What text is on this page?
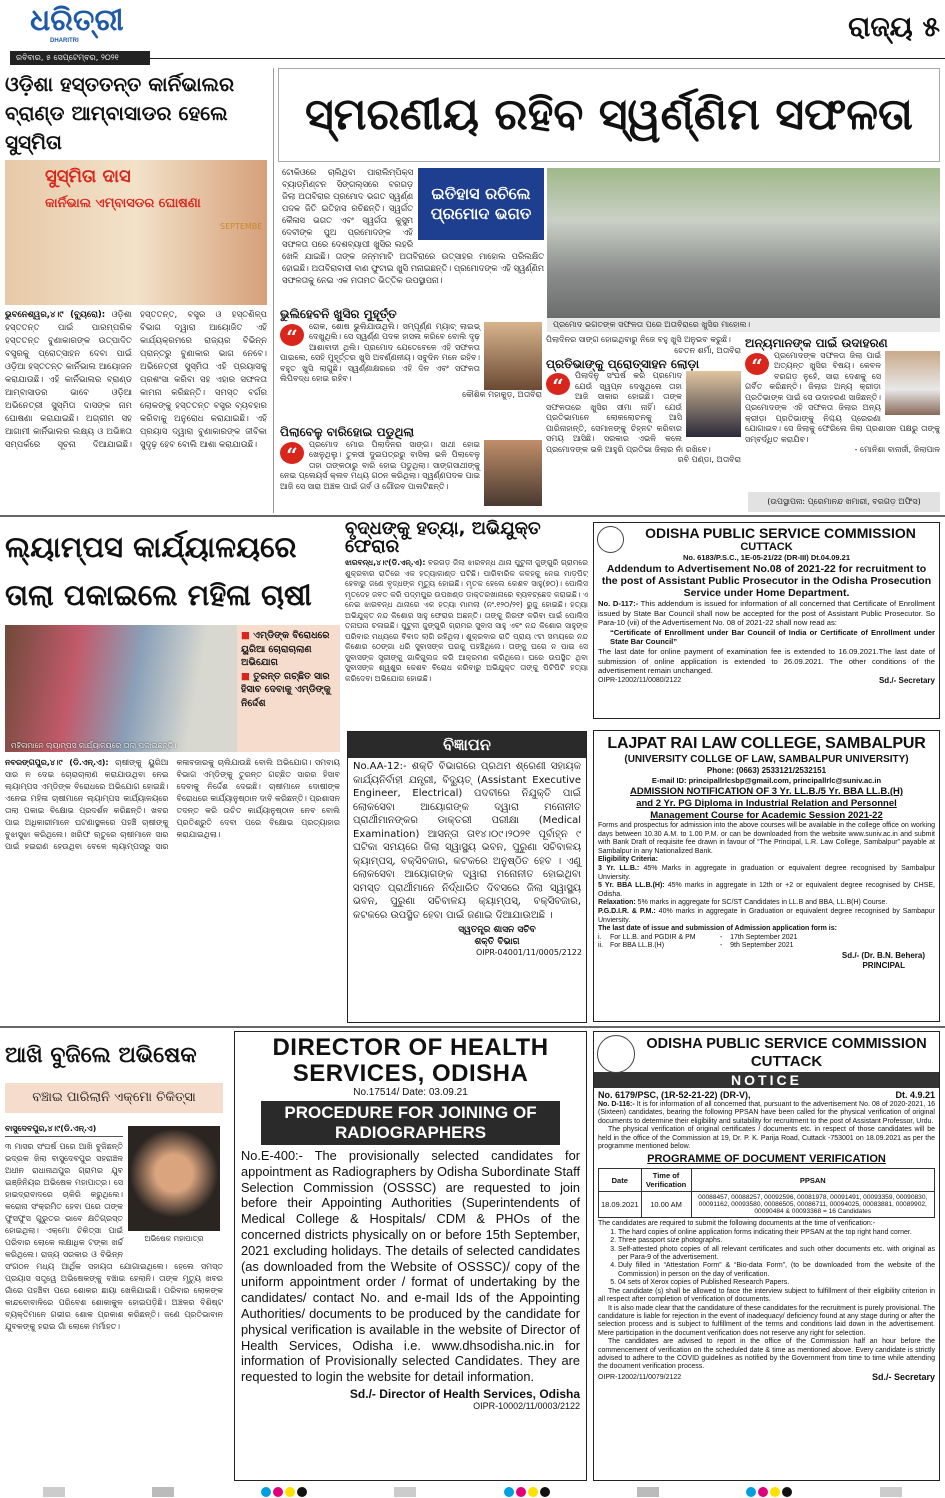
ଧରିତ୍ରୀ
DHARITRI
ରବିବାର, ୫ ସେପ୍ଟେମ୍ବର, ୨୦୨୧
ରାଜ୍ୟ ୫
ଓଡ଼ିଶା ହସ୍ତତନ୍ତ କାର୍ନିଭାଲର ବ୍ରାଣ୍ଡ ଆମ୍ବାସାଡର ହେଲେ ସୁସ୍ମିତା
ସୁସ୍ମିତା ଦାସ
କାର୍ନିଭାଲ ଏମ୍ବାସଡର ଘୋଷଣା
SEPTEMBE
ଭୁବନେଶ୍ୱର,୪।୯ (ବ୍ୟୁରୋ): ଓଡ଼ିଶା ହସ୍ତତନ୍ତ ପାଇଁ ପାରମ୍ପରିକ ହସ୍ତତନ୍ତ ବୁଣାକାରଙ୍କ ଉତ୍ପାଦିତ ବସ୍ତ୍ରକୁ ପ୍ରୋତ୍ସାହନ ଦେବା ପାଇଁ ଓଡ଼ିଆ ହସ୍ତତନ୍ତ କାର୍ନିଭାଲ ଆୟୋଜନ କରାଯାଉଛି। ଏହି କାର୍ନିଭାଲର ବ୍ରାଣ୍ଡ ଆମ୍ବାସାଡର ଭାବେ ଓଡ଼ିଆ ଅଭିନେତ୍ରୀ ସୁସ୍ମିତା ଦାସଙ୍କ ନାମ ଘୋଷଣା କରାଯାଇଛି। ଅଗ୍ରୀମ ସହ ଆଗାମୀ କାର୍ନିଭାଲର ଲକ୍ଷ୍ୟ ଓ ଅଭିଜ୍ଞତା ସମ୍ପର୍କରେ ସୂଚନା ଦିଆଯାଇଛି। ହସ୍ତତନ୍ତ, ବସ୍ତ୍ର ଓ ହସ୍ତଶିଳ୍ପ ବିଭାଗ ଦ୍ୱାରା ଆୟୋଜିତ ଏହି କାର୍ଯ୍ୟକ୍ରମରେ ରାଜ୍ୟର ବିଭିନ୍ନ ପ୍ରାନ୍ତରୁ ବୁଣାକାର ଭାଗ ନେବେ। ଅଭିନେତ୍ରୀ ସୁସ୍ମିତା ଏହି ପ୍ରୟାସକୁ ପ୍ରଶଂସା କରିବା ସହ ଏହାର ସଫଳତା କାମନା କରିଛନ୍ତି। ସମସ୍ତ ବର୍ଗର ଲୋକଙ୍କୁ ହସ୍ତତନ୍ତ ବସ୍ତ୍ର ବ୍ୟବହାର କରିବାକୁ ଅନୁରୋଧ କରାଯାଇଛି। ଏହି ପ୍ରୟାସ ଦ୍ୱାରା ବୁଣାକାରଙ୍କ ଜୀବିକା ସୁଦୃଢ଼ ହେବ ବୋଲି ଆଶା କରାଯାଉଛି।
ସ୍ମରଣୀୟ ରହିବ ସ୍ୱର୍ଣ୍ଣିମ ସଫଳତା
ଇତିହାସ ରଚିଲେ ପ୍ରମୋଦ ଭଗତ
ଟୋକିଓରେ ଚାଲିଥିବା ପାରାଲିମ୍ପିକ୍ସ ବ୍ୟାଡ୍‌ମିଣ୍ଟନ ସିଙ୍ଗଲ୍ସରେ ବରଗଡ଼ ଜିଲା ଅତାବିରାର ପ୍ରମୋଦ ଭଗତ ସ୍ୱର୍ଣ୍ଣ ପଦକ ଜିତି ଇତିହାସ ରଚିଛନ୍ତି। ସ୍ୱର୍ଗତ କୈଳାସ ଭଗତ ଏବଂ ସ୍ୱର୍ଗତା କୁସୁମ ଦେବୀଙ୍କ ପୁଅ ପ୍ରମୋଦଙ୍କ ଏହି ସଫଳତା ପରେ ଦେଶବ୍ୟାପୀ ଖୁସିର ଲହରି ଖେଳି ଯାଇଛି। ତାଙ୍କ ଜନ୍ମମାଟି ଅତାବିରାରେ ଉତ୍ସାହର ମାହୋଲ ପରିଲକ୍ଷିତ ହୋଇଛି। ଅତାବିରାବାସୀ ବାଣ ଫୁଟାଇ ଖୁସି ମନାଇଛନ୍ତି। ପ୍ରମୋଦଙ୍କ ଏହି ସ୍ୱର୍ଣ୍ଣିମ ସଫଳତାକୁ ନେଇ ଏକ ମତାମତ ଭିତ୍ତିକ ଉପସ୍ଥାପନା।
ପ୍ରମୋଦ ଭଗତଙ୍କ ସଫଳତା ପରେ ଅତାବିରାରେ ଖୁସିର ମାହୋଲ।
ଭୁଲିହେବନି ଖୁସିର ମୁହୂର୍ତ୍ତ
“	ରୋକ, ଶୋଷ ଭୁଲିଯାଉଥିଲି। ସମ୍ପୂର୍ଣ୍ଣ ମ୍ୟାଚ୍ ଲାଇଭ୍ ଦେଖୁଥିଲି। ସେ ସ୍ୱର୍ଣ୍ଣ ପଦକ ହାସଲ କରିବେ ବୋଲି ଦୃଢ଼ ଆଶାବାଦୀ ଥିଲି। ପ୍ରମୋଦ ଯେତେବେଳେ ଏହି ସଫଳତା ପାଇଲେ, ସେହି ମୁହୂର୍ତ୍ତର ଖୁସି ଅବର୍ଣ୍ଣନୀୟ। ସବୁଦିନ ମନେ ରହିବ। ବହୁତ ଖୁସି ଲାଗୁଛି। ସ୍ୱର୍ଣ୍ଣାକ୍ଷରରେ ଏହି ଦିନ ଏବଂ ସଫଳତା ଲିପିବଦ୍ଧ ହୋଇ ରହିବ।
କୌଶିକ ମହାକୁଡ଼, ଅତାବିରା
ପିଲାବେଳୁ ବାରିହୋଇ ପଡୁଥିଲା
“	ପ୍ରମୋଦ ମୋର ପିଲାଦିନର ସାଙ୍ଗ। ସାଥୀ ହୋଇ ଖେଳୁଥିଲୁ। ତୁଳସୀ ଦୁଇପତ୍ରରୁ ବାସିଲା ଭଳି ପିଲାବେଳୁ ତାହା ତାଙ୍କଠାରୁ ବାରି ହୋଇ ପଡୁଥିଲା। ସାଙ୍ଗସାଥୀଙ୍କୁ ନେଇ ପ୍ଲେୟର୍ସ କ୍ଲବ ମଧ୍ୟ ଗଠନ କରିଥିଲା। ସ୍ୱର୍ଣ୍ଣପଦକ ପାଇ ଆଜି ସେ ସାରା ଅଞ୍ଚଳ ପାଇଁ ଗର୍ବ ଓ ଗୌରବ ପାଲଟିଛନ୍ତି।
ପିଲାଦିନର ସାଙ୍ଗ ହୋଇଥିବାରୁ ନିଜେ ବହୁ ଖୁସି ଅନୁଭବ କରୁଛି।
ଚେତନ ଶର୍ମା, ଅତାବିରା
ପ୍ରତିଭାଙ୍କୁ ପ୍ରୋତ୍ସାହନ ଲୋଡ଼ା
“	ପିଲାଦିନୁ ସଂଘର୍ଷ କରି ପ୍ରମୋଦ ଯେଉଁ ସ୍ୱପ୍ନ ଦେଖୁଥିଲେ ତାହା ଆଜି ସାକାର ହୋଇଛି। ତାଙ୍କ ସଫଳତାରେ ଖୁସିର ସୀମା ନାହିଁ। ଯେଉଁ ପ୍ରତିଭାମାନେ ଲୋକଲୋଚନକୁ ଆସି ପାରିନାହାନ୍ତି, ସେମାନଙ୍କୁ ଚିହ୍ନଟ କରିବାର ସମୟ ଆସିଛି। ସରକାର ଏଭଳି କଲେ ପ୍ରମୋଦଙ୍କ ଭଳି ଆହୁରି ପ୍ରତିଭା ଜିଲାର ନାଁ ରଖିବେ।
ରବି ପଣ୍ଡା, ଅତାବିରା
ଅନ୍ୟମାନଙ୍କ ପାଇଁ ଉଦାହରଣ
“	ପ୍ରମୋଦଙ୍କ ସଫଳତା ଜିଲା ପାଇଁ ଅତ୍ୟନ୍ତ ଖୁସିର ବିଷୟ। କେବଳ ବରଗଡ଼ ନୁହେଁ, ସାରା ଦେଶକୁ ସେ ଗର୍ବିତ କରିଛନ୍ତି। ଜିଲାର ଅନ୍ୟ କ୍ରୀଡ଼ା ପ୍ରତିଭାଙ୍କ ପାଇଁ ସେ ଉଦାହରଣ ସାଜିଛନ୍ତି। ପ୍ରମୋଦଙ୍କ ଏହି ସଫଳତା ଜିଲାର ଅନ୍ୟ କ୍ରୀଡ଼ା ପ୍ରତିଭାଙ୍କୁ ନିଶ୍ଚୟ ପ୍ରେରଣା ଯୋଗାଇବ। ସେ ଜିଲାକୁ ଫେରିଲେ ଜିଲା ପ୍ରଶାସନ ପକ୍ଷରୁ ତାଙ୍କୁ ସମ୍ବର୍ଦ୍ଧିତ କରାଯିବ।
- ମୋନିଶା ବାନାର୍ଜୀ, ଜିଲାପାଳ
(ଉପସ୍ଥାପନା: ପ୍ରେମାନନ୍ଦ ଖମାରୀ, ବରଗଡ଼ ଅଫିସ)
ଲ୍ୟାମ୍ପସ କାର୍ଯ୍ୟାଳୟରେ ତାଲା ପକାଇଲେ ମହିଳା ଚାଷୀ
ମହିଳାମାନେ ଲ୍ୟାମ୍ପସ କାର୍ଯ୍ୟାଳୟରେ ତାଲା ପକାଇଛନ୍ତି।
■ ଏମ୍‌ଡିଙ୍କ ବିରୋଧରେ ୟୁରିଆ ଚୋରାଚାଲାଣ ଅଭିଯୋଗ
■ ତୁରନ୍ତ ଗଚ୍ଛିତ ସାର ହିସାବ ଦେବାକୁ ଏମ୍‌ଡିଙ୍କୁ ନିର୍ଦ୍ଦେଶ
ନବରଙ୍ଗପୁର,୪।୯ (ଡି.ଏନ୍.ଏ): ଚାଷୀଙ୍କୁ ୟୁରିଆ ସାର ନ ଦେଇ ଚୋରାଚାଲାଣ କରାଯାଉଥିବା ନେଇ ଲ୍ୟାମ୍ପସ ଏମ୍‌ଡିଙ୍କ ବିରୋଧରେ ଅଭିଯୋଗ ହୋଇଛି। ଏନେଇ ମହିଳା ଚାଷୀମାନେ ଲ୍ୟାମ୍ପସ କାର୍ଯ୍ୟାଳୟରେ ତାଲା ପକାଇ ବିକ୍ଷୋଭ ପ୍ରଦର୍ଶନ କରିଛନ୍ତି। ଖବର ପାଇ ଅଧିକାରୀମାନେ ଘଟଣାସ୍ଥଳରେ ପହଞ୍ଚି ଚାଷୀଙ୍କୁ ବୁଝାସୁଝା କରିଥିଲେ। ଖରିଫ ଋତୁରେ ଚାଷୀମାନେ ସାର ପାଇଁ ହଇରାଣ ହେଉଥିବା ବେଳେ ଲ୍ୟାମ୍ପସରୁ ସାର କଳାବଜାରକୁ ଚାଲିଯାଉଛି ବୋଲି ଅଭିଯୋଗ। ସମବାୟ ବିଭାଗ ଏମ୍‌ଡିଙ୍କୁ ତୁରନ୍ତ ଗଚ୍ଛିତ ସାରର ହିସାବ ଦେବାକୁ ନିର୍ଦ୍ଦେଶ ଦେଇଛି। ଚାଷୀମାନେ ଦୋଷୀଙ୍କ ବିରୋଧରେ କାର୍ଯ୍ୟାନୁଷ୍ଠାନ ଦାବି କରିଛନ୍ତି। ପ୍ରଶାସନ ତଦନ୍ତ କରି ଉଚିତ କାର୍ଯ୍ୟାନୁଷ୍ଠାନ ନେବ ବୋଲି ପ୍ରତିଶ୍ରୁତି ଦେବା ପରେ ବିକ୍ଷୋଭ ପ୍ରତ୍ୟାହାର କରାଯାଇଥିଲା।
ବୃଦ୍ଧଙ୍କୁ ହତ୍ୟା, ଅଭିଯୁକ୍ତ ଫେରାର
ଝାରବନ୍ଧ,୪।୯(ଡି.ଏନ୍.ଏ): ବରଗଡ଼ ଜିଲା ଝାରବନ୍ଧ ଥାନା ପୁଟୁଳୀ ଜୁଙ୍ଗୁରି ଗ୍ରାମରେ ଶୁକ୍ରବାର ରାତିରେ ଏକ ହତ୍ୟାକାଣ୍ଡ ଘଟିଛି। ପାରିବାରିକ କଳହକୁ ନେଇ ମାଡ଼ପିଟ୍ ହେବାରୁ ଜଣେ ବୃଦ୍ଧଙ୍କ ମୃତ୍ୟୁ ହୋଇଛି। ମୃତକ ହେଲେ କେଶବ ସାହୁ(୭୦)। ପୋଲିସ ମୃତଦେହ ଜବତ କରି ପଦ୍ମପୁର ଉପଖଣ୍ଡ ଡାକ୍ତରଖାନାରେ ବ୍ୟବଚ୍ଛେଦ କରାଇଛି। ଏ ନେଇ ଝାରବନ୍ଧ ଥାନାରେ ଏକ ହତ୍ୟା ମାମଲା (ନଂ.୧୨୦/୨୧) ରୁଜୁ ହୋଇଛି। ହତ୍ୟା ଅଭିଯୁକ୍ତ ନନ୍ଦ କିଶୋର ସାହୁ ଫେରାର ଅଛନ୍ତି। ତାଙ୍କୁ ଗିରଫ କରିବା ପାଇଁ ପୋଲିସ ତନାଘନା ଚଳାଇଛି। ପୁଟୁଳୀ ଜୁଙ୍ଗୁରି ଗ୍ରାମର ସୁବାସ ସାହୁ ଏବଂ ନନ୍ଦ କିଶୋର ସାହୁଙ୍କ ପରିବାର ମଧ୍ୟରେ ବିବାଦ ଲାଗି ରହିଥିଲା। ଶୁକ୍ରବାର ରାତି ପ୍ରାୟ ୯ଟା ସମୟରେ ନନ୍ଦ କିଶୋର ଠେଙ୍ଗା ଧରି ସୁବାସଙ୍କ ଘରକୁ ପହଞ୍ଚିଥିଲେ। ତାଙ୍କୁ ଘରେ ନ ପାଇ ସେ ସୁବାସଙ୍କ ସ୍ତ୍ରୀଙ୍କୁ ଗାଳିଗୁଲଜ କରି ଆକ୍ରମଣ କରିଥିଲେ। ଘରେ ଉପସ୍ଥିତ ଥିବା ସୁବାସଙ୍କ ଶ୍ୱଶୁର କେଶବ ବିରୋଧ କରିବାରୁ ଅଭିଯୁକ୍ତ ତାଙ୍କୁ ପିଟିପିଟି ହତ୍ୟା କରିଦେବା ଅଭିଯୋଗ ହୋଇଛି।
ବିଜ୍ଞାପନ
No.AA-12:- ଶକ୍ତି ବିଭାଗରେ ପ୍ରଥମ ଶ୍ରେଣୀ ସହାୟକ କାର୍ଯ୍ୟନିର୍ବାହୀ ଯନ୍ତ୍ରୀ, ବିଦ୍ୟୁତ୍ (Assistant Executive Engineer, Electrical) ପଦବୀରେ ନିଯୁକ୍ତି ପାଇଁ ଲୋକସେବା ଆୟୋଗଙ୍କ ଦ୍ୱାରା ମନୋନୀତ ପ୍ରାର୍ଥୀମାନଙ୍କର ଡାକ୍ତରୀ ପରୀକ୍ଷା (Medical Examination) ଆସନ୍ତା ତା୧୪।୦୯।୨୦୨୧ ପୂର୍ବାହ୍ନ ୯ ଘଟିକା ସମୟରେ ଜିଲା ସ୍ୱାସ୍ଥ୍ୟ ଭବନ, ପୁରୁଣା ସଚିବାଳୟ କ୍ୟାମ୍ପସ୍, ବକ୍ସିବଜାର, କଟକରେ ଅନୁଷ୍ଠିତ ହେବ । ଏଣୁ ଲୋକସେବା ଆୟୋଗଙ୍କ ଦ୍ୱାରା ମନୋନୀତ ହୋଇଥିବା ସମସ୍ତ ପ୍ରାର୍ଥୀମାନେ ନିର୍ଦ୍ଧାରିତ ଦିବସରେ ଜିଲା ସ୍ୱାସ୍ଥ୍ୟ ଭବନ, ପୁରୁଣା ସଚିବାଳୟ କ୍ୟାମ୍ପସ୍, ବକ୍ସିବଜାର, କଟକରେ ଉପସ୍ଥିତ ହେବା ପାଇଁ ଜଣାଇ ଦିଆଯାଉଅଛି ।
ସ୍ୱତନ୍ତ୍ର ଶାସନ ସଚିବ
ଶକ୍ତି ବିଭାଗ
OIPR-04001/11/0005/2122
ODISHA PUBLIC SERVICE COMMISSION
CUTTACK
No. 6183/P.S.C., 1E-05-21/22 (DR-III) Dt.04.09.21
Addendum to Advertisement No.08 of 2021-22 for recruitment to the post of Assistant Public Prosecutor in the Odisha Prosecution Service under Home Department.
No. D-117:- This addendum is issued for information of all concerned that Certificate of Enrollment issued by State Bar Council shall now be accepted for the post of Assistant Public Prosecutor. So Para-10 (vii) of the Advertisement No. 08 of 2021-22 shall now read as:
“Certificate of Enrollment under Bar Council of India or Certificate of Enrollment under State Bar Council”
The last date for online payment of examination fee is extended to 16.09.2021.The last date of submission of online application is extended to 26.09.2021. The other conditions of the advertisement remain unchanged.
OIPR-12002/11/0080/2122	Sd./- Secretary
LAJPAT RAI LAW COLLEGE, SAMBALPUR
(UNIVERSITY COLLGE OF LAW, SAMBALPUR UNIVERSITY)
Phone: (0663) 2533121/2532151
E-mail ID: principallrlcsbp@gmail.com, principallrlc@suniv.ac.in
ADMISSION NOTIFICATION OF 3 Yr. LL.B./5 Yr. BBA LL.B.(H)
and 2 Yr. PG Diploma in Industrial Relation and Personnel
Management Course for Academic Session 2021-22
Forms and prospectus for admission into the above courses will be available in the college office on working days between 10.30 A.M. to 1.00 P.M. or can be downloaded from the website www.suniv.ac.in and submit with Bank Draft of requisite fee drawn in favour of “The Principal, L.R. Law College, Sambalpur” payable at Sambalpur in any Nationalized Bank.
Eligibility Criteria:
3 Yr. LL.B.: 45% Marks in aggregate in graduation or equivalent degree recognised by Sambalpur Unviersity.
5 Yr. BBA LL.B.(H): 45% marks in aggregate in 12th or +2 or equivalent degree recognised by CHSE, Odisha.
Relaxation: 5% marks in aggregate for SC/ST Candidates in LL.B and BBA, LL.B(H) Course.
P.G.D.I.R. & P.M.: 40% marks in aggregate in Graduation or equivalent degree recognised by Sambapur Unviersity.
The last date of issue and submission of Admission application form is:
i. For LL.B. and PGDIR & PM	-    17th September 2021
ii. For BBA LL.B.(H)	-    9th September 2021
Sd./- (Dr. B.N. Behera)
PRINCIPAL
ଆଖି ବୁଜିଲେ ଅଭିଷେକ
ବଞ୍ଚାଇ ପାରିଲାନି ଏକ୍‌ମୋ ଚିକିତ୍ସା
ବାସୁଦେବପୁର,୪।୯(ଡି.ଏନ୍.ଏ)
ଅଭିଷେକ ମହାପାତ୍ର
୩ ମାସର ସଂଘର୍ଷ ପରେ ଆଖି ବୁଜିଛନ୍ତି ଭଦ୍ରକ ଜିଲା ବାସୁଦେବପୁର ସହରାଞ୍ଚଳ ଅଧୀନ ରାଧାନାଥପୁର ଗ୍ରାମର ଯୁବ ଇଞ୍ଜିନିୟର ଅଭିଷେକ ମହାପାତ୍ର। ସେ ହାଇଦ୍ରାବାଦରେ ଚାକିରି କରୁଥିଲେ। କରୋନା ସଂକ୍ରମିତ ହେବା ପରେ ତାଙ୍କ ଫୁସଫୁସ ଗୁରୁତର ଭାବେ କ୍ଷତିଗ୍ରସ୍ତ ହୋଇଥିଲା। ଏକ୍‌ମୋ ଚିକିତ୍ସା ପାଇଁ ପରିବାର ଲୋକେ ଲକ୍ଷାଧିକ ଟଙ୍କା ଖର୍ଚ୍ଚ କରିଥିଲେ। ରାଜ୍ୟ ସରକାର ଓ ବିଭିନ୍ନ ସଂଗଠନ ମଧ୍ୟ ଆର୍ଥିକ ସହାୟତା ଯୋଗାଇଥିଲେ। ହେଲେ ସମସ୍ତ ପ୍ରୟାସ ସତ୍ତ୍ୱେ ଅଭିଷେକଙ୍କୁ ବଞ୍ଚାଇ ହେଲାନି। ତାଙ୍କ ମୃତ୍ୟୁ ଖବର ଗାଁରେ ପହଞ୍ଚିବା ପରେ ଶୋକର ଛାୟା ଖେଳିଯାଇଛି। ପରିବାର ଲୋକଙ୍କ କାନ୍ଦବୋବାଳିରେ ପରିବେଶ ଶୋକାକୁଳ ହୋଇପଡ଼ିଛି। ଅଞ୍ଚଳର ବିଶିଷ୍ଟ ବ୍ୟକ୍ତିମାନେ ଗଭୀର ଶୋକ ପ୍ରକାଶ କରିଛନ୍ତି। ଜଣେ ପ୍ରତିଭାବାନ ଯୁବକଙ୍କୁ ହରାଇ ଗାଁ ଲୋକେ ମର୍ମାହତ।
DIRECTOR OF HEALTH SERVICES, ODISHA
No.17514/ Date: 03.09.21
PROCEDURE FOR JOINING OF RADIOGRAPHERS
No.E-400:- The provisionally selected candidates for appointment as Radiographers by Odisha Subordinate Staff Selection Commission (OSSSC) are requested to join before their Appointing Authorities (Superintendents of Medical College & Hospitals/ CDM & PHOs of the concerned districts physically on or before 15th September, 2021 excluding holidays. The details of selected candidates (as downloaded from the Website of OSSSC)/ copy of the uniform appointment order / format of undertaking by the candidates/ contact No. and e-mail Ids of the Appointing Authorities/ documents to be produced by the candidate for physical verification is available in the website of Director of Health Services, Odisha i.e. www.dhsodisha.nic.in for information of Provisionally selected Candidates. They are requested to login the website for detail information.
Sd./- Director of Health Services, Odisha
OIPR-10002/11/0003/2122
ODISHA PUBLIC SERVICE COMMISSION
CUTTACK
NOTICE
No. 6179/PSC, (1R-52-21-22) (DR-V),	Dt. 4.9.21
No. D-116:- It is for information of all concerned that, pursuant to the advertisement No. 08 of 2020-2021, 16 (Sixteen) candidates, bearing the following PPSAN have been called for the physical verification of original documents to determine their eligibility and suitability for recruitment to the post of Assistant Professor, Urdu.
The physical verification of original certificates / documents etc. in respect of those candidates will be held in the office of the Commission at 19, Dr. P. K. Parija Road, Cuttack -753001 on 18.09.2021 as per the programme mentioned below.
PROGRAMME OF DOCUMENT VERIFICATION
Date	Time of Verification	PPSAN
18.09.2021	10.00 AM	00088457, 00088257, 00092596, 00081978, 00091491, 00093359, 00090830, 00091162, 00093580, 00086505, 00086711, 00094025, 00083881, 00089902, 00090484 & 00093368 = 16 Candidates
The candidates are required to submit the following documents at the time of verification:-
1. The hard copies of online application forms indicating their PPSAN at the top right hand corner.
2. Three passport size photographs.
3. Self-attested photo copies of all relevant certificates and such other documents etc. with original as per Para-9 of the advertisement.
4. Duly filled in “Attestation Form” & “Bio-data Form”, (to be downloaded from the website of the Commission) in person on the day of verification.
5. 04 sets of Xerox copies of Published Research Papers.
The candidate (s) shall be allowed to face the interview subject to fulfillment of their eligibility criterion in all respect after completion of verification of documents.
It is also made clear that the candidature of these candidates for the recruitment is purely provisional. The candidature is liable for rejection in the event of inadequacy/ deficiency found at any stage during or after the selection process and is subject to fulfillment of the terms and conditions laid down in the advertisement. Mere participation in the document verification does not reserve any right for selection.
The candidates are advised to report in the office of the Commission half an hour before the commencement of verification on the scheduled date & time as mentioned above. Every candidate is strictly advised to adhere to the COVID guidelines as notified by the Government from time to time while attending the document verification process.
OIPR-12002/11/0079/2122	Sd./- Secretary
